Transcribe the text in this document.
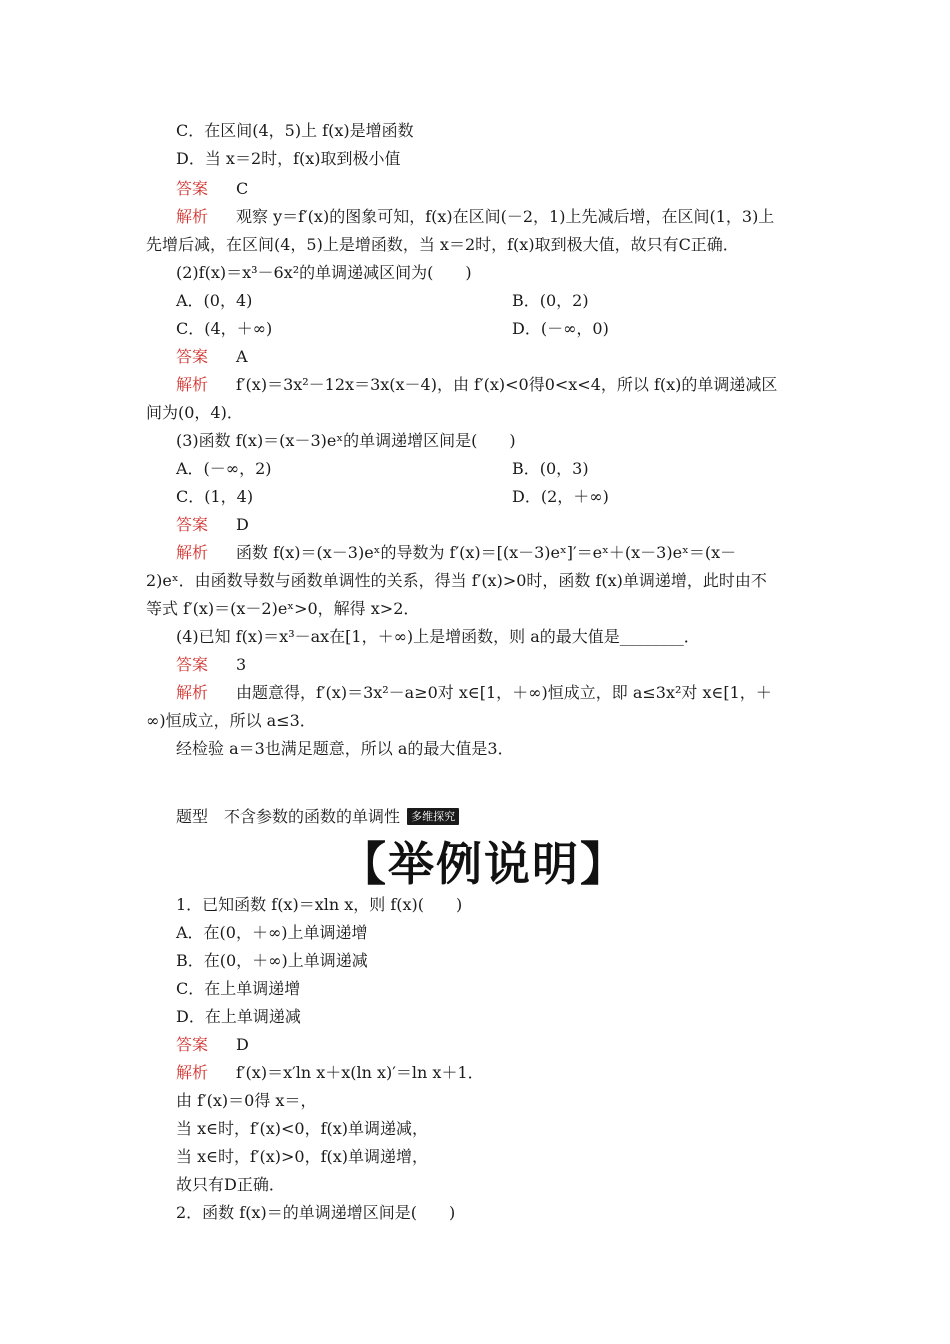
C．在区间(4，5)上 f(x)是增函数
D．当 x＝2时，f(x)取到极小值
答案 C
解析 观察 y＝f′(x)的图象可知，f(x)在区间(－2，1)上先减后增，在区间(1，3)上
先增后减，在区间(4，5)上是增函数，当 x＝2时，f(x)取到极大值，故只有C正确．
(2)f(x)＝x³－6x²的单调递减区间为(　　)
A．(0，4)	B．(0，2)
C．(4，＋∞)	D．(－∞，0)
答案 A
解析 f′(x)＝3x²－12x＝3x(x－4)，由 f′(x)<0得0<x<4，所以 f(x)的单调递减区
间为(0，4)．
(3)函数 f(x)＝(x－3)eˣ的单调递增区间是(　　)
A．(－∞，2)	B．(0，3)
C．(1，4)	D．(2，＋∞)
答案 D
解析 函数 f(x)＝(x－3)eˣ的导数为 f′(x)＝[(x－3)eˣ]′＝eˣ＋(x－3)eˣ＝(x－
2)eˣ．由函数导数与函数单调性的关系，得当 f′(x)>0时，函数 f(x)单调递增，此时由不
等式 f′(x)＝(x－2)eˣ>0，解得 x>2．
(4)已知 f(x)＝x³－ax在[1，＋∞)上是增函数，则 a的最大值是________．
答案 3
解析 由题意得，f′(x)＝3x²－a≥0对 x∈[1，＋∞)恒成立，即 a≤3x²对 x∈[1，＋
∞)恒成立，所以 a≤3．
经检验 a＝3也满足题意，所以 a的最大值是3．
1．已知函数 f(x)＝xln x，则 f(x)(　　)
A．在(0，＋∞)上单调递增
B．在(0，＋∞)上单调递减
C．在上单调递增
D．在上单调递减
答案 D
解析 f′(x)＝x′ln x＋x(ln x)′＝ln x＋1．
由 f′(x)＝0得 x＝，
当 x∈时，f′(x)<0，f(x)单调递减，
当 x∈时，f′(x)>0，f(x)单调递增，
故只有D正确．
2．函数 f(x)＝的单调递增区间是(　　)
题型　不含参数的函数的单调性 多维探究
【举例说明】
